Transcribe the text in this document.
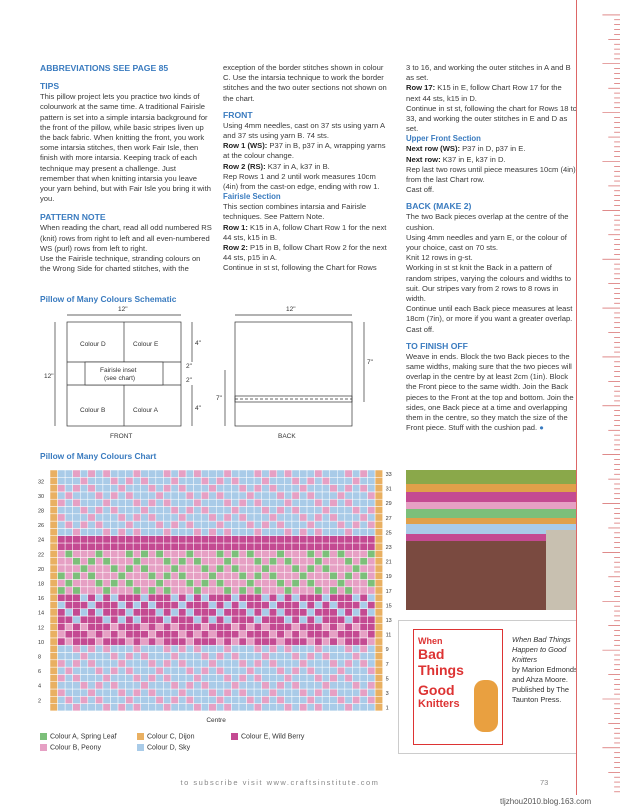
ABBREVIATIONS SEE PAGE 85
TIPS

This pillow project lets you practice two kinds of colourwork at the same time. A traditional Fairisle pattern is set into a simple intarsia background for the front of the pillow, while basic stripes liven up the back fabric. When knitting the front, you work some intarsia stitches, then work Fair Isle, then finish with more intarsia. Keeping track of each technique may present a challenge. Just remember that when knitting intarsia you leave your yarn behind, but with Fair Isle you bring it with you.

PATTERN NOTE

When reading the chart, read all odd numbered RS (knit) rows from right to left and all even-numbered WS (purl) rows from left to right.

Use the Fairisle technique, stranding colours on the Wrong Side for charted stitches, with the

exception of the border stitches shown in colour C. Use the intarsia technique to work the border stitches and the two outer sections not shown on the chart.

FRONT

Using 4mm needles, cast on 37 sts using yarn A and 37 sts using yarn B. 74 sts.

Row 1 (WS): P37 in B, p37 in A, wrapping yarns at the colour change.

Row 2 (RS): K37 in A, k37 in B.

Rep Rows 1 and 2 until work measures 10cm (4in) from the cast-on edge, ending with row 1.

Fairisle Section

This section combines intarsia and Fairisle techniques. See Pattern Note.

Row 1: K15 in A, follow Chart Row 1 for the next 44 sts, k15 in B.

Row 2: P15 in B, follow Chart Row 2 for the next 44 sts, p15 in A.

Continue in st st, following the Chart for Rows

3 to 16, and working the outer stitches in A and B as set.

Row 17: K15 in E, follow Chart Row 17 for the next 44 sts, k15 in D.

Continue in st st, following the chart for Rows 18 to 33, and working the outer stitches in E and D as set.

Upper Front Section

Next row (WS): P37 in D, p37 in E.

Next row: K37 in E, k37 in D.

Rep last two rows until piece measures 10cm (4in) from the last Chart row.

Cast off.

BACK (MAKE 2)

The two Back pieces overlap at the centre of the cushion.

Using 4mm needles and yarn E, or the colour of your choice, cast on 70 sts.

Knit 12 rows in g-st.

Working in st st knit the Back in a pattern of random stripes, varying the colours and widths to suit. Our stripes vary from 2 rows to 8 rows in width.

Continue until each Back piece measures at least 18cm (7in), or more if you want a greater overlap.

Cast off.

TO FINISH OFF

Weave in ends. Block the two Back pieces to the same widths, making sure that the two pieces will overlap in the centre by at least 2cm (1in). Block the Front piece to the same width. Join the Back pieces to the Front at the top and bottom. Join the sides, one Back piece at a time and overlapping them in the centre, so they match the size of the Front piece. Stuff with the cushion pad. ●

Pillow of Many Colours Schematic
12"	12"
12"
Colour D	Colour E
Colour B	Colour A
Fairisle inset
(see chart)
4"
2"
2"
4"
7"
7"
FRONT	BACK
Pillow of Many Colours Chart
32
30
28
26
24
22
20
18
16
14
12
10
8
6
4
2
33
31
29
27
25
23
21
19
17
15
13
11
9
7
5
3
1
Centre
Colour A, Spring Leaf
Colour B, Peony
Colour C, Dijon
Colour D, Sky
Colour E, Wild Berry
When
Bad
Things
Good
Knitters
When Bad Things Happen to Good Knitters
by Marion Edmonds and Ahza Moore. Published by The Taunton Press.
to subscribe visit www.craftsinstitute.com	73
tljzhou2010.blog.163.com
